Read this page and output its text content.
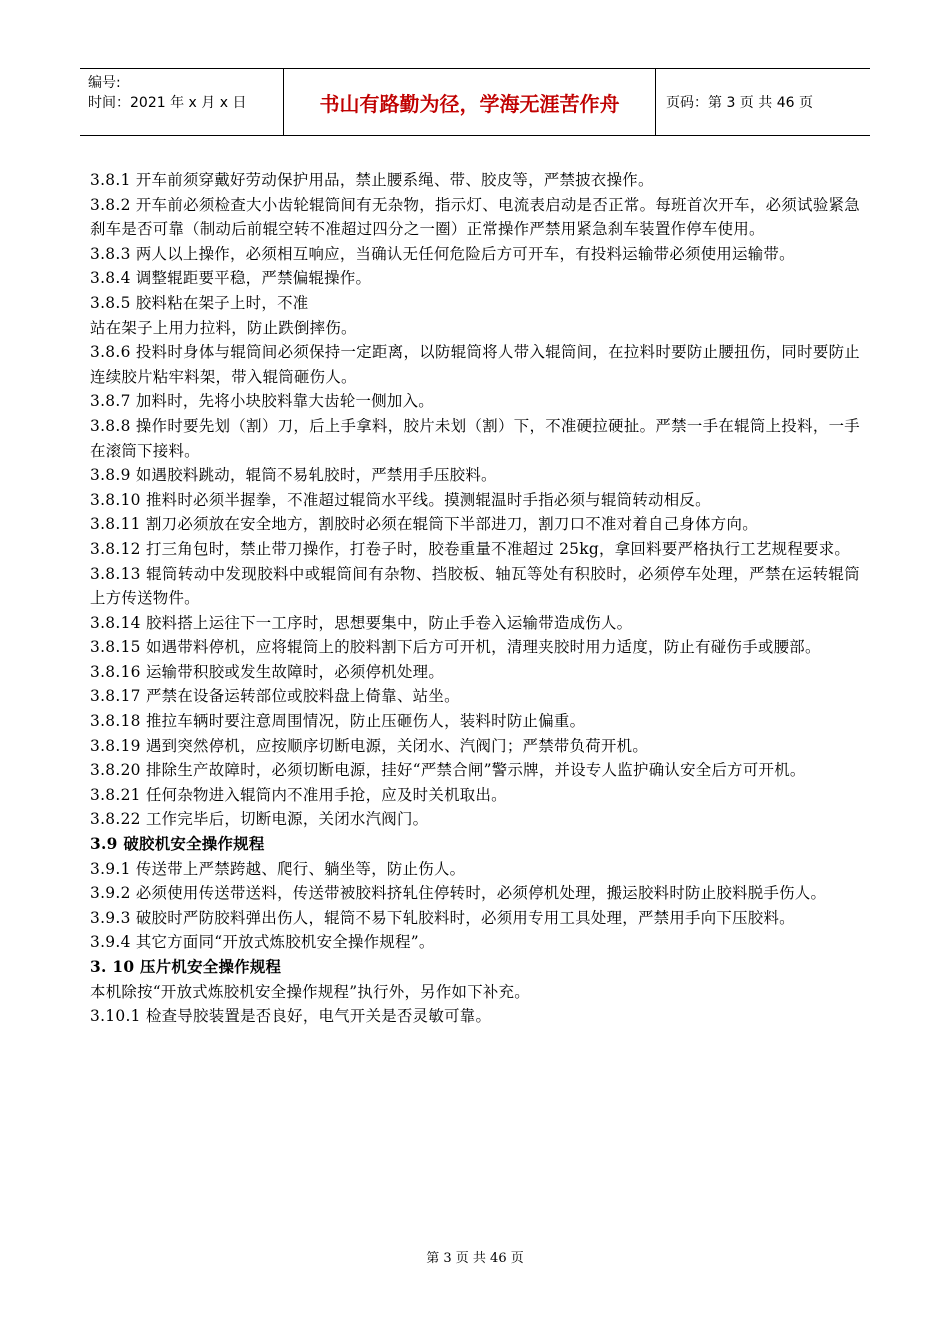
编号:
时间：2021 年 x 月 x 日	书山有路勤为径，学海无涯苦作舟	页码：第 3 页 共 46 页

3.8.1 开车前须穿戴好劳动保护用品，禁止腰系绳、带、胶皮等，严禁披衣操作。

3.8.2 开车前必须检查大小齿轮辊筒间有无杂物，指示灯、电流表启动是否正常。每班首次开车，必须试验紧急刹车是否可靠（制动后前辊空转不准超过四分之一圈）正常操作严禁用紧急刹车装置作停车使用。

3.8.3 两人以上操作，必须相互响应，当确认无任何危险后方可开车，有投料运输带必须使用运输带。

3.8.4 调整辊距要平稳，严禁偏辊操作。

3.8.5 胶料粘在架子上时，不准

站在架子上用力拉料，防止跌倒摔伤。

3.8.6 投料时身体与辊筒间必须保持一定距离，以防辊筒将人带入辊筒间，在拉料时要防止腰扭伤，同时要防止连续胶片粘牢料架，带入辊筒砸伤人。

3.8.7 加料时，先将小块胶料靠大齿轮一侧加入。

3.8.8 操作时要先划（割）刀，后上手拿料，胶片未划（割）下，不准硬拉硬扯。严禁一手在辊筒上投料，一手在滚筒下接料。

3.8.9 如遇胶料跳动，辊筒不易轧胶时，严禁用手压胶料。

3.8.10 推料时必须半握拳，不准超过辊筒水平线。摸测辊温时手指必须与辊筒转动相反。

3.8.11 割刀必须放在安全地方，割胶时必须在辊筒下半部进刀，割刀口不准对着自己身体方向。

3.8.12 打三角包时，禁止带刀操作，打卷子时，胶卷重量不准超过 25kg，拿回料要严格执行工艺规程要求。

3.8.13 辊筒转动中发现胶料中或辊筒间有杂物、挡胶板、轴瓦等处有积胶时，必须停车处理，严禁在运转辊筒上方传送物件。

3.8.14 胶料搭上运往下一工序时，思想要集中，防止手卷入运输带造成伤人。

3.8.15 如遇带料停机，应将辊筒上的胶料割下后方可开机，清理夹胶时用力适度，防止有碰伤手或腰部。

3.8.16 运输带积胶或发生故障时，必须停机处理。

3.8.17 严禁在设备运转部位或胶料盘上倚靠、站坐。

3.8.18 推拉车辆时要注意周围情况，防止压砸伤人，装料时防止偏重。

3.8.19 遇到突然停机，应按顺序切断电源，关闭水、汽阀门；严禁带负荷开机。

3.8.20 排除生产故障时，必须切断电源，挂好“严禁合闸”警示牌，并设专人监护确认安全后方可开机。

3.8.21 任何杂物进入辊筒内不准用手抢，应及时关机取出。

3.8.22 工作完毕后，切断电源，关闭水汽阀门。

3.9 破胶机安全操作规程

3.9.1 传送带上严禁跨越、爬行、躺坐等，防止伤人。

3.9.2 必须使用传送带送料，传送带被胶料挤轧住停转时，必须停机处理，搬运胶料时防止胶料脱手伤人。

3.9.3 破胶时严防胶料弹出伤人，辊筒不易下轧胶料时，必须用专用工具处理，严禁用手向下压胶料。

3.9.4 其它方面同“开放式炼胶机安全操作规程”。

3. 10 压片机安全操作规程

本机除按“开放式炼胶机安全操作规程”执行外，另作如下补充。

3.10.1 检查导胶装置是否良好，电气开关是否灵敏可靠。

第 3 页 共 46 页
